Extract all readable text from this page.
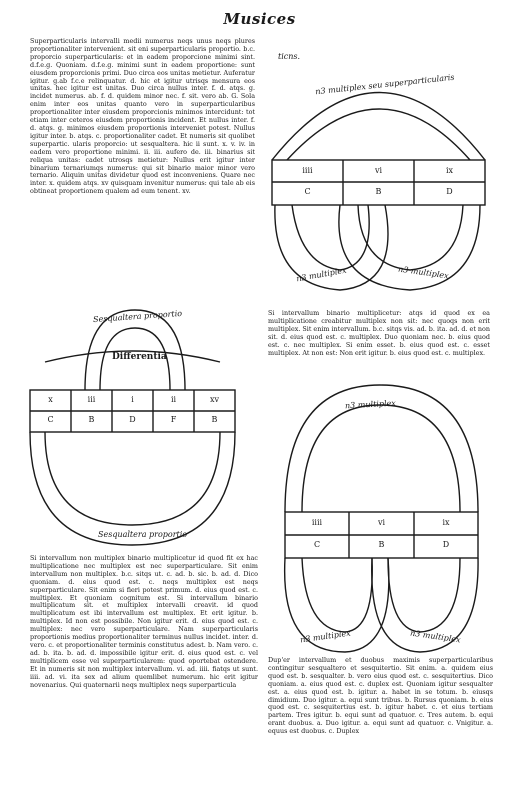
Musices

Superparticularis intervalli medii numerus neqs unus neqs plures proportionaliter intervenient. sit eni superparticularis proportio. b.c. proporcio superparticularis: et in eadem proporcione minimi sint. d.f.e.g. Quoniam. d.f.e.g. minimi sunt in eadem proportione: sunt eiusdem proporcionis primi. Duo circa eos unitas metietur. Auferatur igitur. g.ab f.c.e relinquatur. d. hic et igitur utrisqs mensura eos unitas. hec igitur est unitas. Duo circa nullus inter. f. d. atqs. g. incidet numerus. ab. f. d. quidem minor nec. f. sit. vero ab. G. Sola enim inter eos unitas quanto vero in superparticularibus proportionaliter inter eiusdem proporcionis minimos intercidunt: tot etiam inter ceteros eiusdem proportionis incident. Et nullus inter. f. d. atqs. g. minimos eiusdem proportionis interveniet potest. Nullus igitur inter. b. atqs. c. proportionaliter cadet. Et numeris sit quolibet superpartic. ularis proporcio: ut sesqualtera. hic ii sunt. x. v. iv. in eadem vero proportione minimi. ii. iii. aufero de. iii. binarius sit reliqua unitas: cadet utrosqs metietur: Nullus erit igitur inter binarium ternariumqs numerus: qui sit binario maior minor vero ternario. Aliquin unitas dividetur quod est inconveniens. Quare nec inter. x. quidem atqs. xv quisquam invenitur numerus: qui tale ab eis obtineat proportionem qualem ad eum tenent. xv.

Si intervallum binario multiplicetur: atqs id quod ex ea multiplicatione creabitur multiplex non sit: nec quoqs non erit multiplex. Sit enim intervallum. b.c. sitqs vis. ad. b. ita. ad. d. et non sit. d. eius quod est. c. multiplex. Duo quoniam nec. b. eius quod est. c. nec multiplex. Si enim esset. b. eius quod est. c. esset multiplex. At non est: Non erit igitur. b. eius quod est. c. multiplex.

Si intervallum non multiplex binario multiplicetur id quod fit ex hac multiplicatione nec multiplex est nec superparticulare. Sit enim intervallum non multiplex. b.c. sitqs ut. c. ad. b. sic. b. ad. d. Dico quoniam. d. eius quod est. c. neqs multiplex est neqs superparticulare. Sit enim si fieri potest primum. d. eius quod est. c. multiplex. Et quoniam cognitum est. Si intervallum binario multiplicatum sit. et multiplex intervalli creavit. id quod multiplicatum est ibi intervallum est multiplex. Et erit igitur. b. multiplex. Id non est possibile. Non igitur erit. d. eius quod est. c. multiplex: nec vero superparticulare. Nam superparticularis proportionis medius proportionaliter terminus nullus incidet. inter. d. vero. c. et proportionaliter terminis constitutus adest. b. Nam vero. c. ad. b. ita. b. ad. d. impossibile igitur erit. d. eius quod est. c. vel multiplicem esse vel superparticularem: quod oportebat ostendere. Et in numeris sit non multiplex intervallum. vi. ad. iiii. fiatqs ut sunt. iiii. ad. vi. ita sex ad alium quemlibet numerum. hic erit igitur novenarius. Qui quaternarii neqs multiplex neqs superparticula

Dup'er intervallum et duobus maximis superparticularibus contingitur sesqualtero et sesquitertio. Sit enim. a. quidem eius quod est. b. sesqualter. b. vero eius quod est. c. sesquitertius. Dico quoniam. a. eius quod est. c. duplex est. Quoniam igitur sesqualter est. a. eius quod est. b. igitur. a. habet in se totum. b. eiusqs dimidium. Duo igitur. a. equi sunt tribus. b. Rursus quoniam. b. eius quod est. c. sesquitertius est. b. igitur habet. c. et eius tertiam partem. Tres igitur. b. equi sunt ad quatuor. c. Tres autem. b. equi erant duobus. a. Duo igitur. a. equi sunt ad quatuor. c. Vnigitur. a. equus est duobus. c. Duplex

ticns.
n3 multiplex seu superparticularis
iiii	vi	ix
C	B	D
n3 multiplex	n3 multiplex
Sesqualtera proportio
Differentia
x	iii	i	ii	xv
C	B	D	F	B
Sesqualtera proportio
n3 multiplex
iiii	vi	ix
C	B	D
n3 multiplex	n3 multiplex
